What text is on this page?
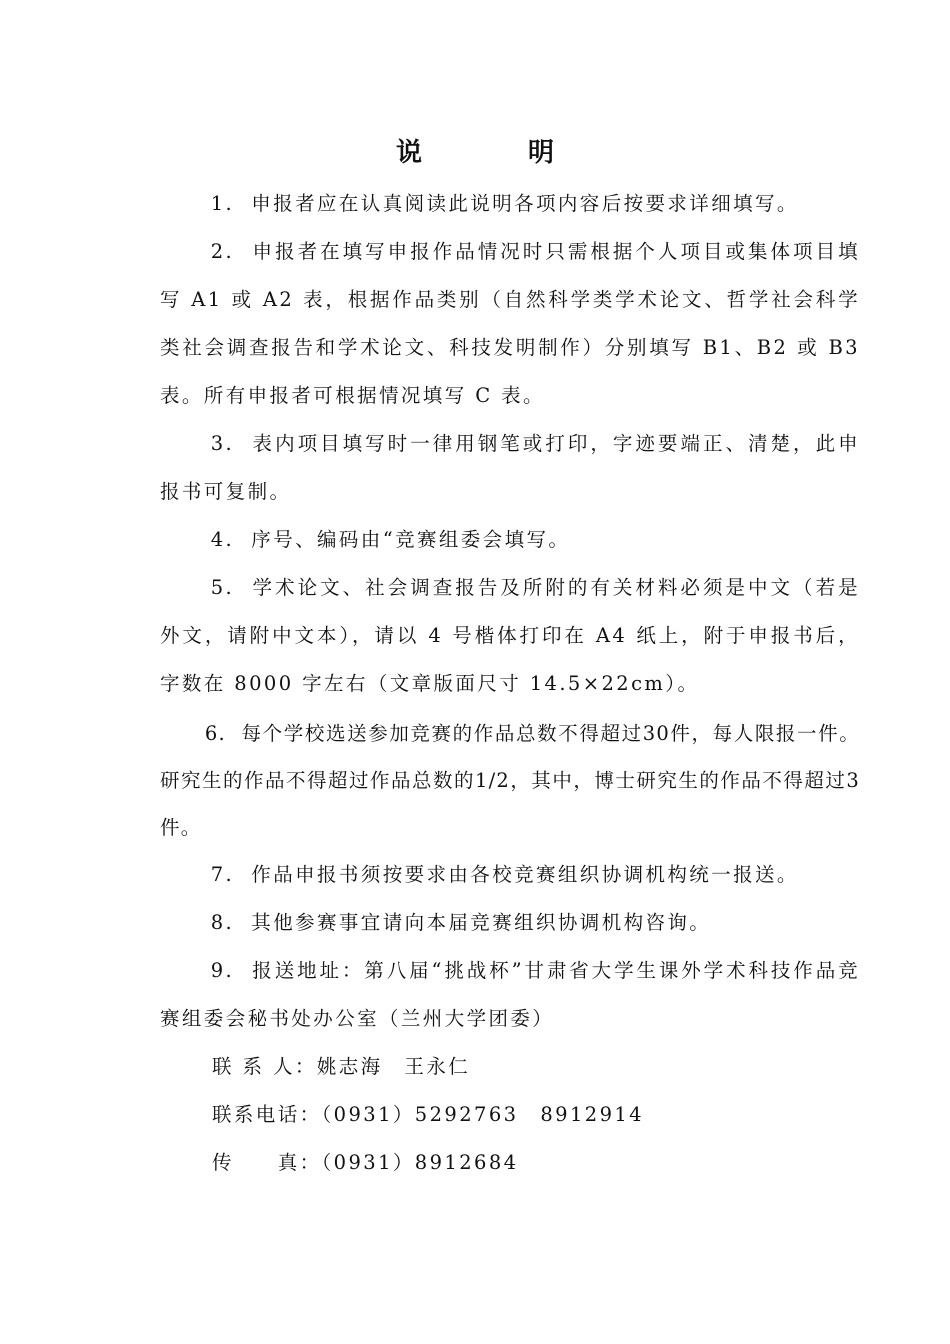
说　明

1. 申报者应在认真阅读此说明各项内容后按要求详细填写。

2. 申报者在填写申报作品情况时只需根据个人项目或集体项目填写 A1 或 A2 表，根据作品类别（自然科学类学术论文、哲学社会科学类社会调查报告和学术论文、科技发明制作）分别填写 B1、B2 或 B3 表。所有申报者可根据情况填写 C 表。

3. 表内项目填写时一律用钢笔或打印，字迹要端正、清楚，此申报书可复制。

4. 序号、编码由“竞赛组委会填写。

5. 学术论文、社会调查报告及所附的有关材料必须是中文（若是外文，请附中文本），请以 4 号楷体打印在 A4 纸上，附于申报书后，字数在 8000 字左右（文章版面尺寸 14.5×22cm）。

6.  每个学校选送参加竞赛的作品总数不得超过30件，每人限报一件。研究生的作品不得超过作品总数的1/2，其中，博士研究生的作品不得超过3件。

7. 作品申报书须按要求由各校竞赛组织协调机构统一报送。

8. 其他参赛事宜请向本届竞赛组织协调机构咨询。

9. 报送地址：第八届“挑战杯”甘肃省大学生课外学术科技作品竞赛组委会秘书处办公室（兰州大学团委）

联 系 人：姚志海　王永仁

联系电话：（0931）5292763　8912914

传　　真：（0931）8912684
